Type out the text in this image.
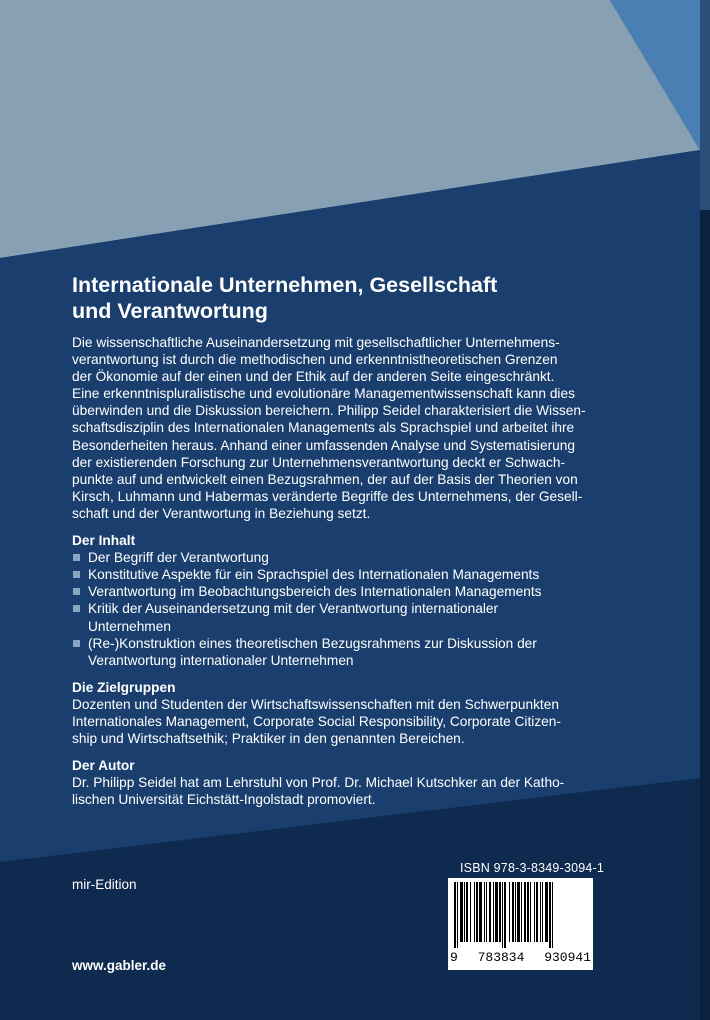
Internationale Unternehmen, Gesellschaft
und Verantwortung
Die wissenschaftliche Auseinandersetzung mit gesellschaftlicher Unternehmens-
verantwortung ist durch die methodischen und erkenntnistheoretischen Grenzen
der Ökonomie auf der einen und der Ethik auf der anderen Seite eingeschränkt.
Eine erkenntnispluralistische und evolutionäre Managementwissenschaft kann dies
überwinden und die Diskussion bereichern. Philipp Seidel charakterisiert die Wissen-
schaftsdisziplin des Internationalen Managements als Sprachspiel und arbeitet ihre
Besonderheiten heraus. Anhand einer umfassenden Analyse und Systematisierung
der existierenden Forschung zur Unternehmensverantwortung deckt er Schwach-
punkte auf und entwickelt einen Bezugsrahmen, der auf der Basis der Theorien von
Kirsch, Luhmann und Habermas veränderte Begriffe des Unternehmens, der Gesell-
schaft und der Verantwortung in Beziehung setzt.
Der Inhalt
Der Begriff der Verantwortung
Konstitutive Aspekte für ein Sprachspiel des Internationalen Managements
Verantwortung im Beobachtungsbereich des Internationalen Managements
Kritik der Auseinandersetzung mit der Verantwortung internationaler
Unternehmen
(Re-)Konstruktion eines theoretischen Bezugsrahmens zur Diskussion der
Verantwortung internationaler Unternehmen
Die Zielgruppen
Dozenten und Studenten der Wirtschaftswissenschaften mit den Schwerpunkten
Internationales Management, Corporate Social Responsibility, Corporate Citizen-
ship und Wirtschaftsethik; Praktiker in den genannten Bereichen.
Der Autor
Dr. Philipp Seidel hat am Lehrstuhl von Prof. Dr. Michael Kutschker an der Katho-
lischen Universität Eichstätt-Ingolstadt promoviert.
mir-Edition
www.gabler.de
ISBN 978-3-8349-3094-1
9 783834 930941
